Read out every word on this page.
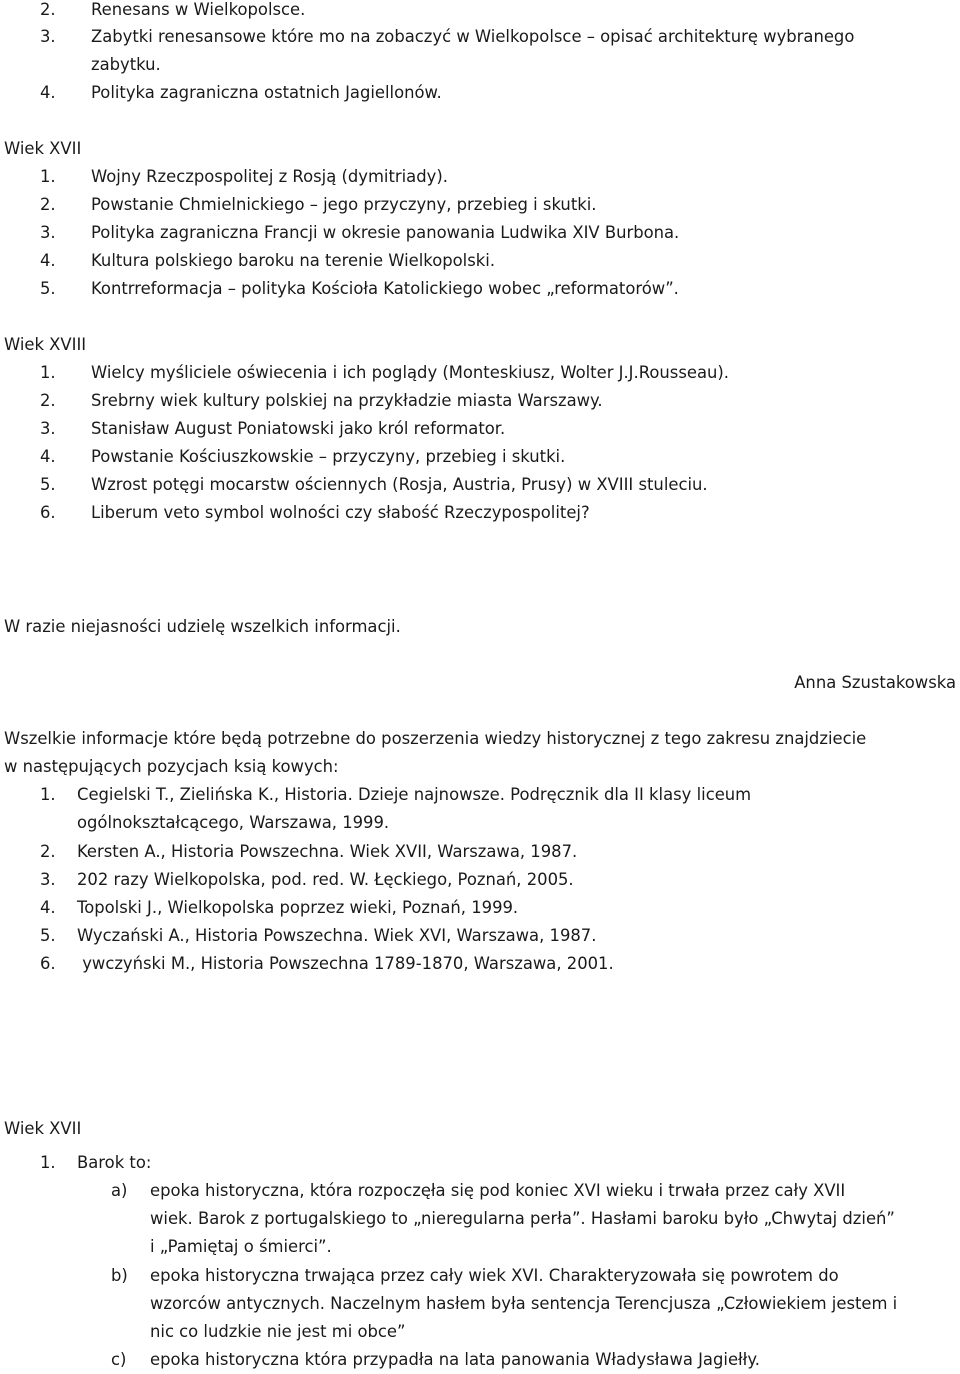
2. Renesans w Wielkopolsce.
3. Zabytki renesansowe które mo na zobaczyć w Wielkopolsce – opisać architekturę wybranego
zabytku.
4. Polityka zagraniczna ostatnich Jagiellonów.
Wiek XVII
1. Wojny Rzeczpospolitej z Rosją (dymitriady).
2. Powstanie Chmielnickiego – jego przyczyny, przebieg i skutki.
3. Polityka zagraniczna Francji w okresie panowania Ludwika XIV Burbona.
4. Kultura polskiego baroku na terenie Wielkopolski.
5. Kontrreformacja – polityka Kościoła Katolickiego wobec „reformatorów”.
Wiek XVIII
1. Wielcy myśliciele oświecenia i ich poglądy (Monteskiusz, Wolter J.J.Rousseau).
2. Srebrny wiek kultury polskiej na przykładzie miasta Warszawy.
3. Stanisław August Poniatowski jako król reformator.
4. Powstanie Kościuszkowskie – przyczyny, przebieg i skutki.
5. Wzrost potęgi mocarstw ościennych (Rosja, Austria, Prusy) w XVIII stuleciu.
6. Liberum veto symbol wolności czy słabość Rzeczypospolitej?
W razie niejasności udzielę wszelkich informacji.
Anna Szustakowska
Wszelkie informacje które będą potrzebne do poszerzenia wiedzy historycznej z tego zakresu znajdziecie
w następujących pozycjach ksią kowych:
1. Cegielski T., Zielińska K., Historia. Dzieje najnowsze. Podręcznik dla II klasy liceum
ogólnokształcącego, Warszawa, 1999.
2. Kersten A., Historia Powszechna. Wiek XVII, Warszawa, 1987.
3. 202 razy Wielkopolska, pod. red. W. Łęckiego, Poznań, 2005.
4. Topolski J., Wielkopolska poprzez wieki, Poznań, 1999.
5. Wyczański A., Historia Powszechna. Wiek XVI, Warszawa, 1987.
6. ywczyński M., Historia Powszechna 1789-1870, Warszawa, 2001.
Wiek XVII
1. Barok to:
a) epoka historyczna, która rozpoczęła się pod koniec XVI wieku i trwała przez cały XVII
wiek. Barok z portugalskiego to „nieregularna perła”. Hasłami baroku było „Chwytaj dzień”
i „Pamiętaj o śmierci”.
b) epoka historyczna trwająca przez cały wiek XVI. Charakteryzowała się powrotem do
wzorców antycznych. Naczelnym hasłem była sentencja Terencjusza „Człowiekiem jestem i
nic co ludzkie nie jest mi obce”
c) epoka historyczna która przypadła na lata panowania Władysława Jagiełły.
